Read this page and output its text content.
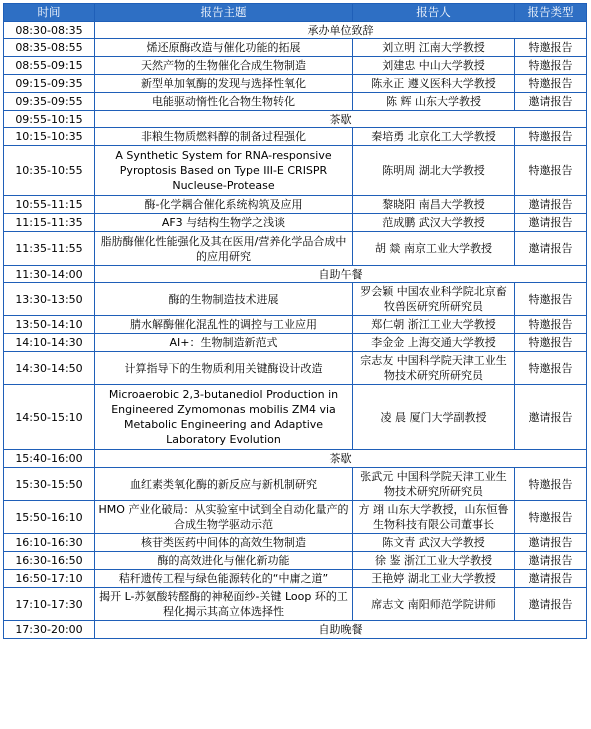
时间	报告主题	报告人	报告类型
08:30-08:35	承办单位致辞		
08:35-08:55	烯还原酶改造与催化功能的拓展	刘立明 江南大学教授	特邀报告
08:55-09:15	天然产物的生物催化合成生物制造	刘建忠 中山大学教授	特邀报告
09:15-09:35	新型单加氧酶的发现与选择性氧化	陈永正 遵义医科大学教授	特邀报告
09:35-09:55	电能驱动惰性化合物生物转化	陈 辉 山东大学教授	邀请报告
09:55-10:15	茶歇		
10:15-10:35	非粮生物质燃料醇的制备过程强化	秦培勇 北京化工大学教授	特邀报告
10:35-10:55	A Synthetic System for RNA-responsive Pyroptosis Based on Type III-E CRISPR Nucleuse-Protease	陈明周 湖北大学教授	特邀报告
10:55-11:15	酶-化学耦合催化系统构筑及应用	黎晓阳 南昌大学教授	邀请报告
11:15-11:35	AF3 与结构生物学之浅谈	范成鹏 武汉大学教授	邀请报告
11:35-11:55	脂肪酶催化性能强化及其在医用/营养化学品合成中的应用研究	胡 燚 南京工业大学教授	邀请报告
11:30-14:00	自助午餐		
13:30-13:50	酶的生物制造技术进展	罗会颖 中国农业科学院北京畜牧兽医研究所研究员	特邀报告
13:50-14:10	腈水解酶催化混乱性的调控与工业应用	郑仁朝 浙江工业大学教授	特邀报告
14:10-14:30	AI+：生物制造新范式	李金金 上海交通大学教授	特邀报告
14:30-14:50	计算指导下的生物质利用关键酶设计改造	宗志友 中国科学院天津工业生物技术研究所研究员	特邀报告
14:50-15:10	Microaerobic 2,3-butanediol Production in Engineered Zymomonas mobilis ZM4 via Metabolic Engineering and Adaptive Laboratory Evolution	凌 晨 厦门大学副教授	邀请报告
15:40-16:00	茶歇		
15:30-15:50	血红素类氧化酶的新反应与新机制研究	张武元 中国科学院天津工业生物技术研究所研究员	特邀报告
15:50-16:10	HMO 产业化破局：从实验室中试到全自动化量产的合成生物学驱动示范	方 翊 山东大学教授，山东恒鲁生物科技有限公司董事长	特邀报告
16:10-16:30	核苷类医药中间体的高效生物制造	陈文青 武汉大学教授	邀请报告
16:30-16:50	酶的高效进化与催化新功能	徐 鉴 浙江工业大学教授	邀请报告
16:50-17:10	秸秆遗传工程与绿色能源转化的“中庸之道”	王艳婷 湖北工业大学教授	邀请报告
17:10-17:30	揭开 L-苏氨酸转醛酶的神秘面纱-关键 Loop 环的工程化揭示其高立体选择性	席志文 南阳师范学院讲师	邀请报告
17:30-20:00	自助晚餐		
